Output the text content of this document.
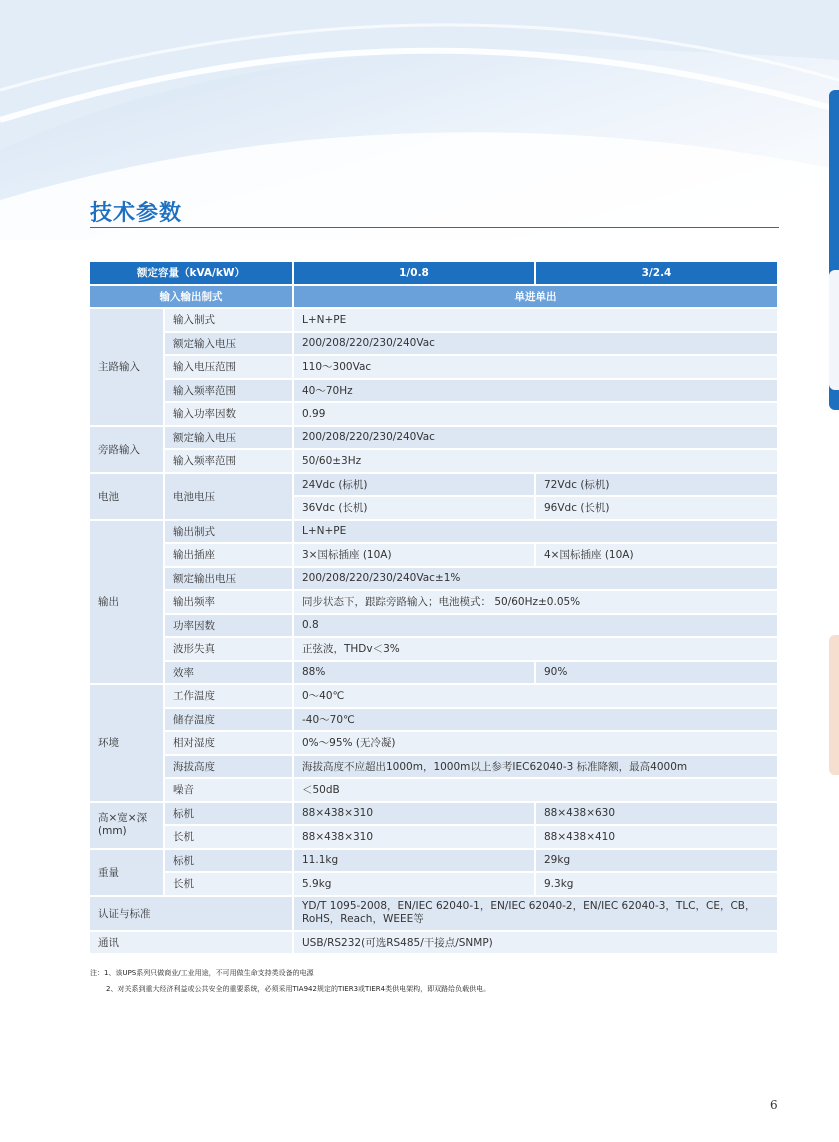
技术参数
额定容量（kVA/kW）		1/0.8	3/2.4
输入输出制式		单进单出	
主路输入	输入制式	L+N+PE	
	额定输入电压	200/208/220/230/240Vac	
	输入电压范围	110～300Vac	
	输入频率范围	40～70Hz	
	输入功率因数	0.99	
旁路输入	额定输入电压	200/208/220/230/240Vac	
	输入频率范围	50/60±3Hz	
电池	电池电压	24Vdc (标机)	72Vdc (标机)
		36Vdc (长机)	96Vdc (长机)
输出	输出制式	L+N+PE	
	输出插座	3×国标插座 (10A)	4×国标插座 (10A)
	额定输出电压	200/208/220/230/240Vac±1%	
	输出频率	同步状态下，跟踪旁路输入；电池模式： 50/60Hz±0.05%	
	功率因数	0.8	
	波形失真	正弦波，THDv＜3%	
	效率	88%	90%
环境	工作温度	0～40℃	
	储存温度	-40～70℃	
	相对湿度	0%～95% (无冷凝)	
	海拔高度	海拔高度不应超出1000m，1000m以上参考IEC62040-3 标准降额，最高4000m	
	噪音	＜50dB	
高×宽×深
(mm)	标机	88×438×310	88×438×630
	长机	88×438×310	88×438×410
重量	标机	11.1kg	29kg
	长机	5.9kg	9.3kg
认证与标准		YD/T 1095-2008，EN/IEC 62040-1，EN/IEC 62040-2，EN/IEC 62040-3，TLC，CE，CB，
RoHS，Reach，WEEE等	
通讯		USB/RS232(可选RS485/干接点/SNMP)	
注：1、该UPS系列只做商业/工业用途，不可用做生命支持类设备的电源
2、对关系到重大经济利益或公共安全的重要系统，必须采用TIA942规定的TIER3或TIER4类供电架构，即双路给负载供电。
6
